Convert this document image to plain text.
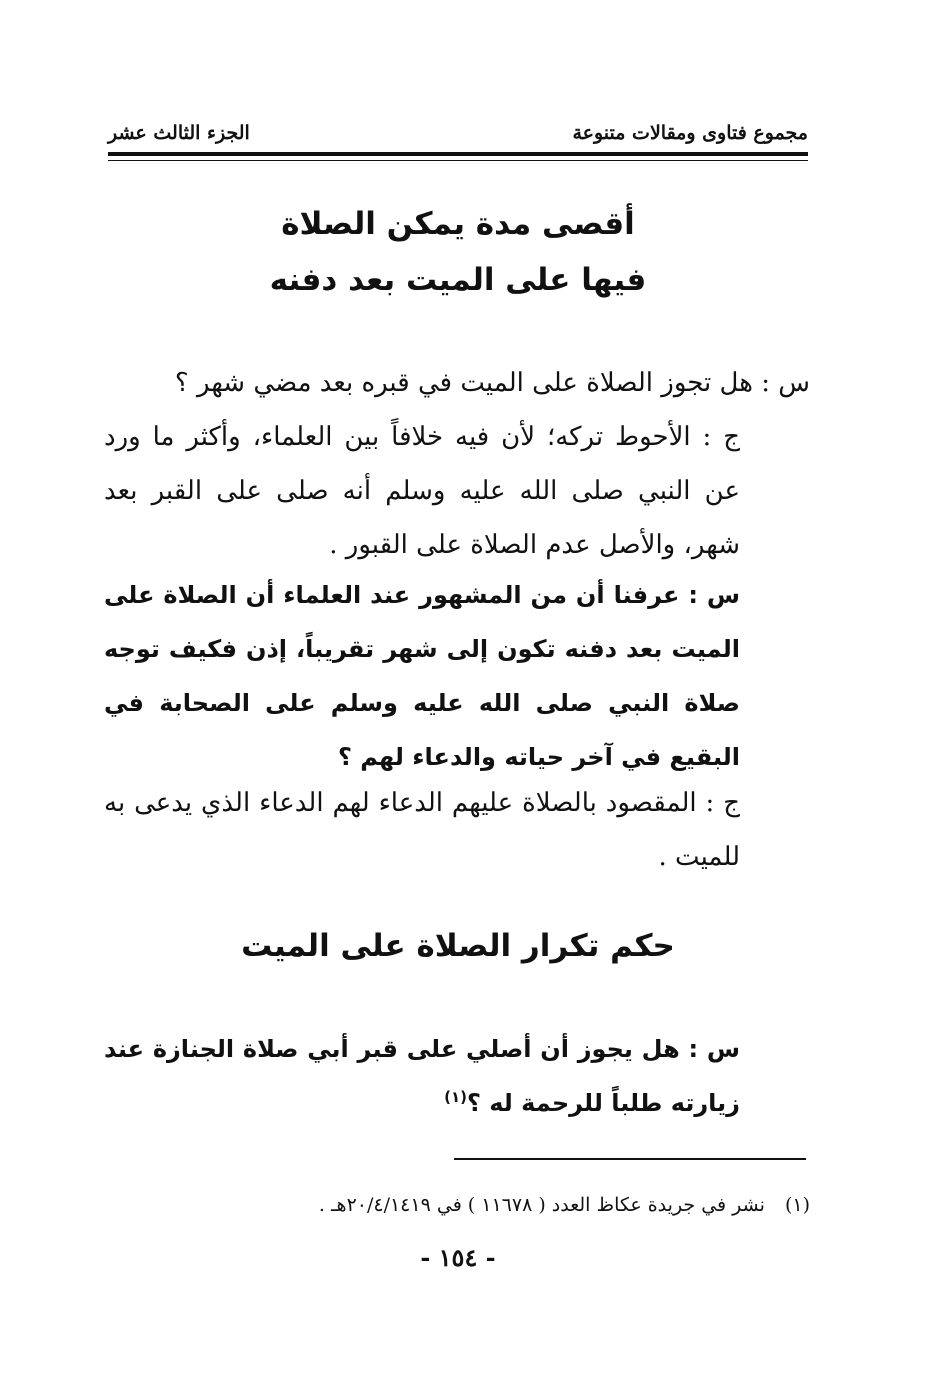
مجموع فتاوى ومقالات متنوعة
الجزء الثالث عشر
أقصى مدة يمكن الصلاة
فيها على الميت بعد دفنه
س : هل تجوز الصلاة على الميت في قبره بعد مضي شهر ؟
ج : الأحوط تركه؛ لأن فيه خلافاً بين العلماء، وأكثر ما ورد عن النبي صلى الله عليه وسلم أنه صلى على القبر بعد شهر، والأصل عدم الصلاة على القبور .
س : عرفنا أن من المشهور عند العلماء أن الصلاة على الميت بعد دفنه تكون إلى شهر تقريباً، إذن فكيف توجه صلاة النبي صلى الله عليه وسلم على الصحابة في البقيع في آخر حياته والدعاء لهم ؟
ج : المقصود بالصلاة عليهم الدعاء لهم الدعاء الذي يدعى به للميت .
حكم تكرار الصلاة على الميت
س : هل يجوز أن أصلي على قبر أبي صلاة الجنازة عند زيارته طلباً للرحمة له ؟$^{(١)}$
(١) نشر في جريدة عكاظ العدد ( ١١٦٧٨ ) في ٢٠/٤/١٤١٩هـ .
- ١٥٤ -
